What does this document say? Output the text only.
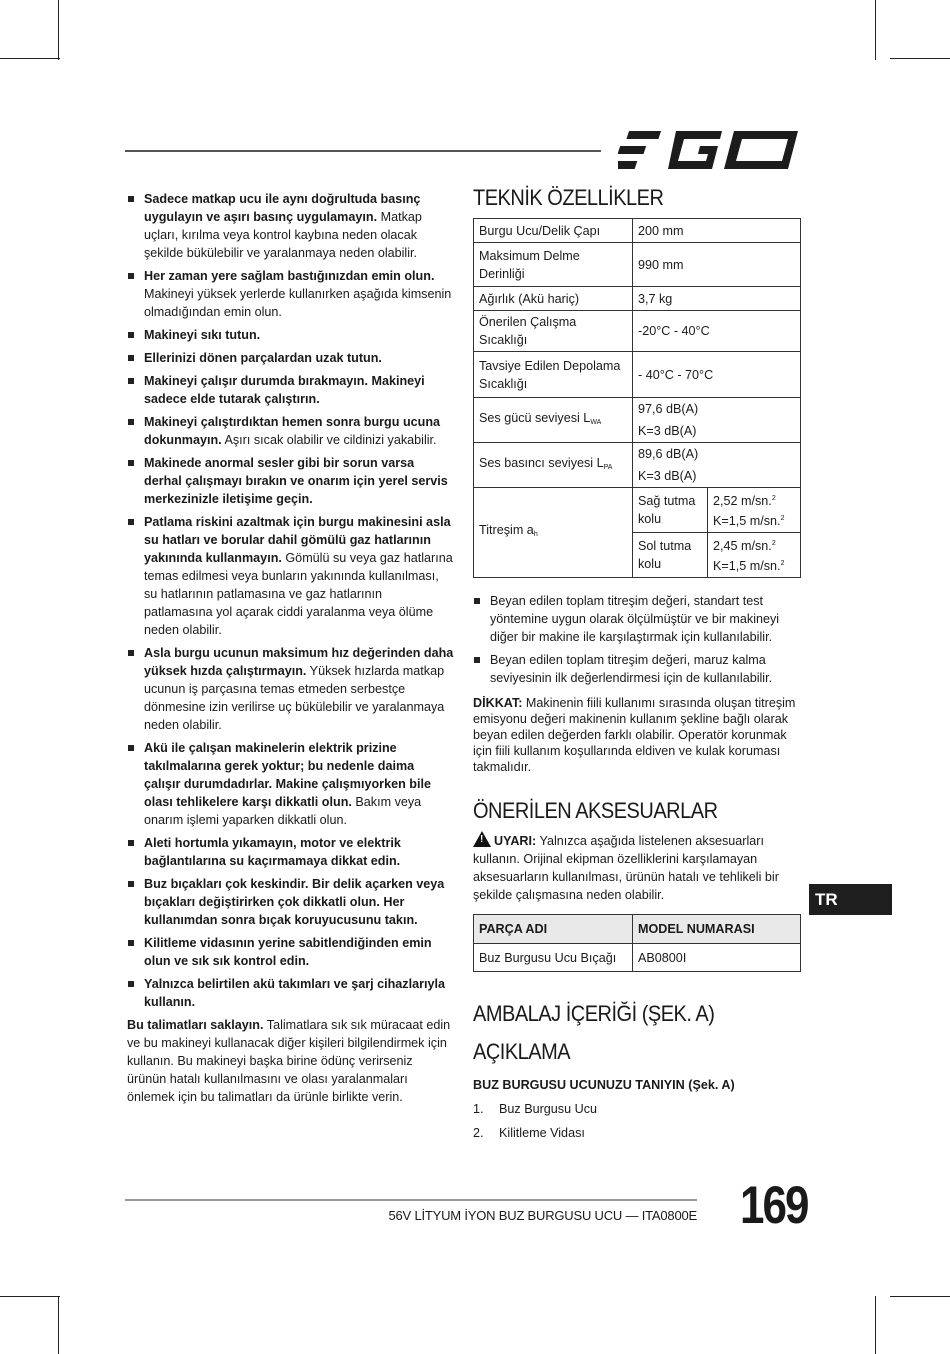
Sadece matkap ucu ile aynı doğrultuda basınç uygulayın ve aşırı basınç uygulamayın. Matkap uçları, kırılma veya kontrol kaybına neden olacak şekilde bükülebilir ve yaralanmaya neden olabilir.
Her zaman yere sağlam bastığınızdan emin olun. Makineyi yüksek yerlerde kullanırken aşağıda kimsenin olmadığından emin olun.
Makineyi sıkı tutun.
Ellerinizi dönen parçalardan uzak tutun.
Makineyi çalışır durumda bırakmayın. Makineyi sadece elde tutarak çalıştırın.
Makineyi çalıştırdıktan hemen sonra burgu ucuna dokunmayın. Aşırı sıcak olabilir ve cildinizi yakabilir.
Makinede anormal sesler gibi bir sorun varsa derhal çalışmayı bırakın ve onarım için yerel servis merkezinizle iletişime geçin.
Patlama riskini azaltmak için burgu makinesini asla su hatları ve borular dahil gömülü gaz hatlarının yakınında kullanmayın. Gömülü su veya gaz hatlarına temas edilmesi veya bunların yakınında kullanılması, su hatlarının patlamasına ve gaz hatlarının patlamasına yol açarak ciddi yaralanma veya ölüme neden olabilir.
Asla burgu ucunun maksimum hız değerinden daha yüksek hızda çalıştırmayın. Yüksek hızlarda matkap ucunun iş parçasına temas etmeden serbestçe dönmesine izin verilirse uç bükülebilir ve yaralanmaya neden olabilir.
Akü ile çalışan makinelerin elektrik prizine takılmalarına gerek yoktur; bu nedenle daima çalışır durumdadırlar. Makine çalışmıyorken bile olası tehlikelere karşı dikkatli olun. Bakım veya onarım işlemi yaparken dikkatli olun.
Aleti hortumla yıkamayın, motor ve elektrik bağlantılarına su kaçırmamaya dikkat edin.
Buz bıçakları çok keskindir. Bir delik açarken veya bıçakları değiştirirken çok dikkatli olun. Her kullanımdan sonra bıçak koruyucusunu takın.
Kilitleme vidasının yerine sabitlendiğinden emin olun ve sık sık kontrol edin.
Yalnızca belirtilen akü takımları ve şarj cihazlarıyla kullanın.
Bu talimatları saklayın. Talimatlara sık sık müracaat edin ve bu makineyi kullanacak diğer kişileri bilgilendirmek için kullanın. Bu makineyi başka birine ödünç verirseniz ürünün hatalı kullanılmasını ve olası yaralanmaları önlemek için bu talimatları da ürünle birlikte verin.
TEKNİK ÖZELLİKLER
Burgu Ucu/Delik Çapı	200 mm	
Maksimum Delme Derinliği	990 mm	
Ağırlık (Akü hariç)	3,7 kg	
Önerilen Çalışma Sıcaklığı	-20°C - 40°C	
Tavsiye Edilen Depolama Sıcaklığı	- 40°C - 70°C	
Ses gücü seviyesi $L_{WA}$	97,6 dB(A)	
	K=3 dB(A)	
Ses basıncı seviyesi $L_{PA}$	89,6 dB(A)	
	K=3 dB(A)	
Titreşim $a_h$	Sağ tutma kolu	2,52 m/sn.$^2$
K=1,5 m/sn.$^2$
	Sol tutma kolu	2,45 m/sn.$^2$
K=1,5 m/sn.$^2$
Beyan edilen toplam titreşim değeri, standart test yöntemine uygun olarak ölçülmüştür ve bir makineyi diğer bir makine ile karşılaştırmak için kullanılabilir.
Beyan edilen toplam titreşim değeri, maruz kalma seviyesinin ilk değerlendirmesi için de kullanılabilir.
DİKKAT: Makinenin fiili kullanımı sırasında oluşan titreşim emisyonu değeri makinenin kullanım şekline bağlı olarak beyan edilen değerden farklı olabilir. Operatör korunmak için fiili kullanım koşullarında eldiven ve kulak koruması takmalıdır.
ÖNERİLEN AKSESUARLAR
! UYARI: Yalnızca aşağıda listelenen aksesuarları kullanın. Orijinal ekipman özelliklerini karşılamayan aksesuarların kullanılması, ürünün hatalı ve tehlikeli bir şekilde çalışmasına neden olabilir.
PARÇA ADI	MODEL NUMARASI
Buz Burgusu Ucu Bıçağı	AB0800I
AMBALAJ İÇERİĞİ (ŞEK. A)
AÇIKLAMA
BUZ BURGUSU UCUNUZU TANIYIN (Şek. A)
1. Buz Burgusu Ucu
2. Kilitleme Vidası
TR
56V LİTYUM İYON BUZ BURGUSU UCU — ITA0800E 169
